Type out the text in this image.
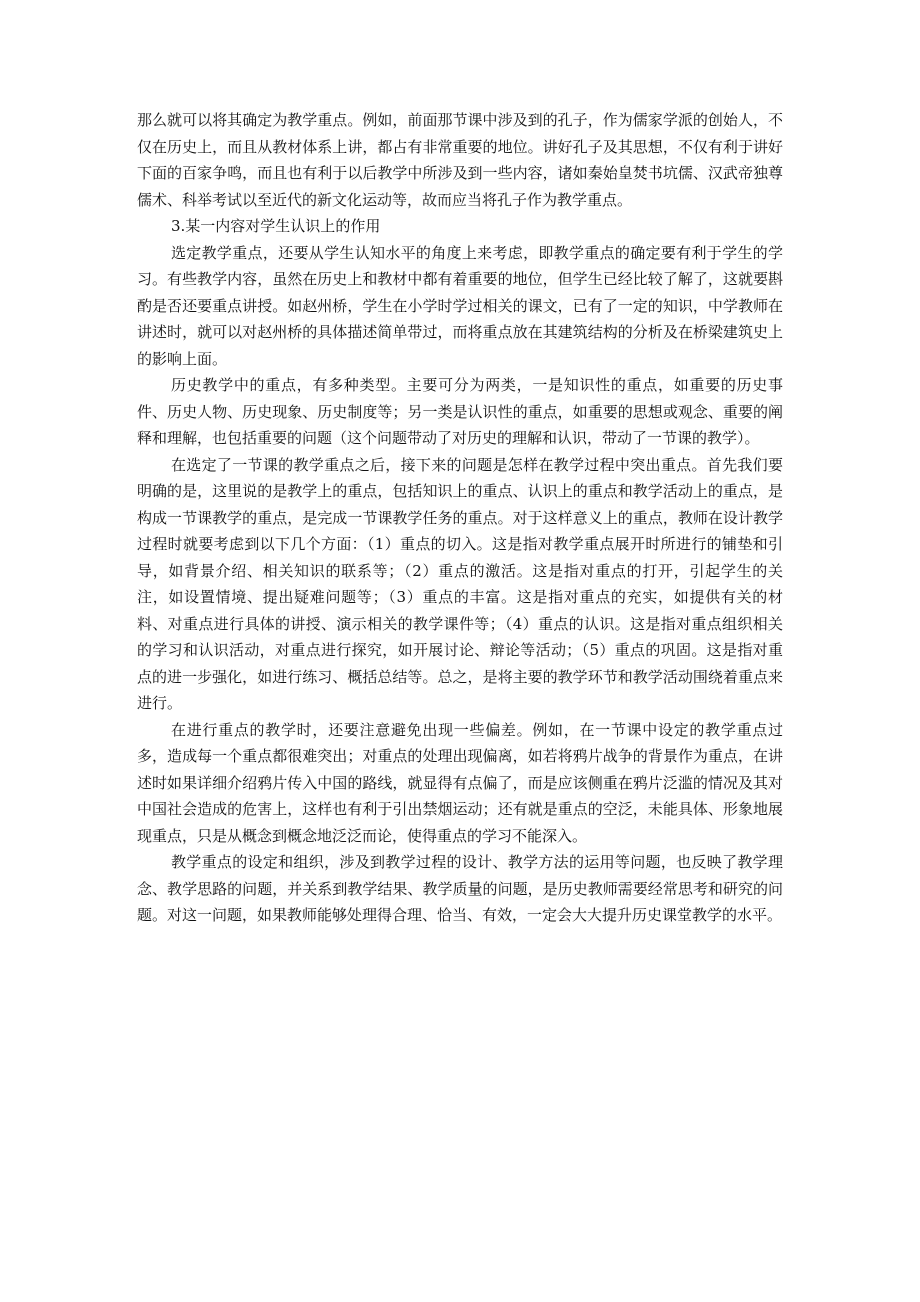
那么就可以将其确定为教学重点。例如，前面那节课中涉及到的孔子，作为儒家学派的创始人，不仅在历史上，而且从教材体系上讲，都占有非常重要的地位。讲好孔子及其思想，不仅有利于讲好下面的百家争鸣，而且也有利于以后教学中所涉及到一些内容，诸如秦始皇焚书坑儒、汉武帝独尊儒术、科举考试以至近代的新文化运动等，故而应当将孔子作为教学重点。

3.某一内容对学生认识上的作用

选定教学重点，还要从学生认知水平的角度上来考虑，即教学重点的确定要有利于学生的学习。有些教学内容，虽然在历史上和教材中都有着重要的地位，但学生已经比较了解了，这就要斟酌是否还要重点讲授。如赵州桥，学生在小学时学过相关的课文，已有了一定的知识，中学教师在讲述时，就可以对赵州桥的具体描述简单带过，而将重点放在其建筑结构的分析及在桥梁建筑史上的影响上面。

历史教学中的重点，有多种类型。主要可分为两类，一是知识性的重点，如重要的历史事件、历史人物、历史现象、历史制度等；另一类是认识性的重点，如重要的思想或观念、重要的阐释和理解，也包括重要的问题（这个问题带动了对历史的理解和认识，带动了一节课的教学）。

在选定了一节课的教学重点之后，接下来的问题是怎样在教学过程中突出重点。首先我们要明确的是，这里说的是教学上的重点，包括知识上的重点、认识上的重点和教学活动上的重点，是构成一节课教学的重点，是完成一节课教学任务的重点。对于这样意义上的重点，教师在设计教学过程时就要考虑到以下几个方面：（1）重点的切入。这是指对教学重点展开时所进行的铺垫和引导，如背景介绍、相关知识的联系等；（2）重点的激活。这是指对重点的打开，引起学生的关注，如设置情境、提出疑难问题等；（3）重点的丰富。这是指对重点的充实，如提供有关的材料、对重点进行具体的讲授、演示相关的教学课件等；（4）重点的认识。这是指对重点组织相关的学习和认识活动，对重点进行探究，如开展讨论、辩论等活动；（5）重点的巩固。这是指对重点的进一步强化，如进行练习、概括总结等。总之，是将主要的教学环节和教学活动围绕着重点来进行。

在进行重点的教学时，还要注意避免出现一些偏差。例如，在一节课中设定的教学重点过多，造成每一个重点都很难突出；对重点的处理出现偏离，如若将鸦片战争的背景作为重点，在讲述时如果详细介绍鸦片传入中国的路线，就显得有点偏了，而是应该侧重在鸦片泛滥的情况及其对中国社会造成的危害上，这样也有利于引出禁烟运动；还有就是重点的空泛，未能具体、形象地展现重点，只是从概念到概念地泛泛而论，使得重点的学习不能深入。

教学重点的设定和组织，涉及到教学过程的设计、教学方法的运用等问题，也反映了教学理念、教学思路的问题，并关系到教学结果、教学质量的问题，是历史教师需要经常思考和研究的问题。对这一问题，如果教师能够处理得合理、恰当、有效，一定会大大提升历史课堂教学的水平。
